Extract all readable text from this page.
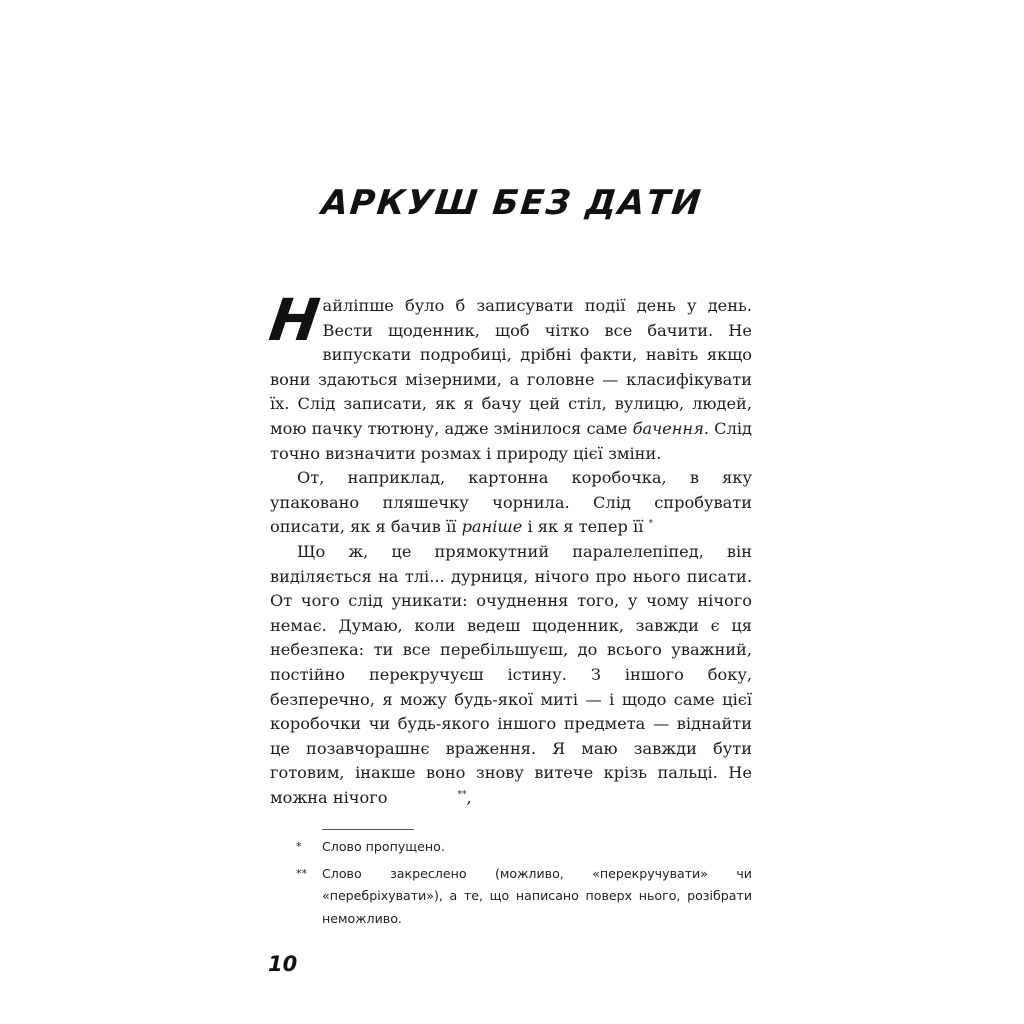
АРКУШ БЕЗ ДАТИ

Найліпше було б записувати події день у день. Вести щоденник, щоб чітко все бачити. Не випускати подробиці, дрібні факти, навіть якщо вони здаються мізерними, а головне — класифікувати їх. Слід записати, як я бачу цей стіл, вулицю, людей, мою пачку тютюну, адже змінилося саме бачення. Слід точно визначити розмах і природу цієї зміни.

От, наприклад, картонна коробочка, в яку упаковано пляшечку чорнила. Слід спробувати описати, як я бачив її раніше і як я тепер її *

Що ж, це прямокутний паралелепіпед, він виділяється на тлі... дурниця, нічого про нього писати. От чого слід уникати: очуднення того, у чому нічого немає. Думаю, коли ведеш щоденник, завжди є ця небезпека: ти все перебільшуєш, до всього уважний, постійно перекручуєш істину. З іншого боку, безперечно, я можу будь-якої миті — і щодо саме цієї коробочки чи будь-якого іншого предмета — віднайти це позавчорашнє враження. Я маю завжди бути готовим, інакше воно знову витече крізь пальці. Не можна нічого	**,

*	Слово пропущено.
**	Слово закреслено (можливо, «перекручувати» чи «перебріхувати»), а те, що написано поверх нього, розібрати неможливо.
10
